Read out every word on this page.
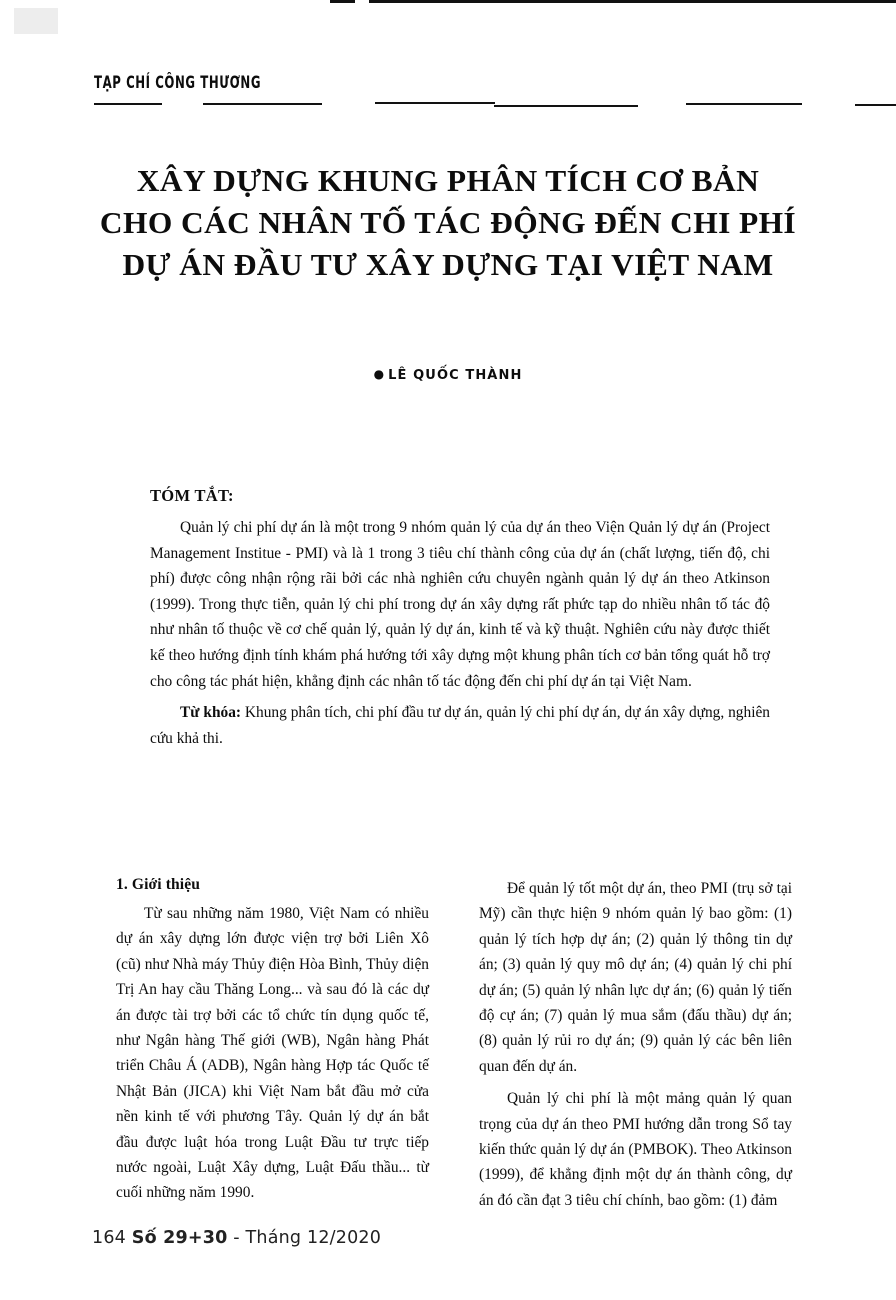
TẠP CHÍ CÔNG THƯƠNG
XÂY DỰNG KHUNG PHÂN TÍCH CƠ BẢN
CHO CÁC NHÂN TỐ TÁC ĐỘNG ĐẾN CHI PHÍ
DỰ ÁN ĐẦU TƯ XÂY DỰNG TẠI VIỆT NAM
● LÊ QUỐC THÀNH
TÓM TẮT:

Quản lý chi phí dự án là một trong 9 nhóm quản lý của dự án theo Viện Quản lý dự án (Project Management Institue - PMI) và là 1 trong 3 tiêu chí thành công của dự án (chất lượng, tiến độ, chi phí) được công nhận rộng rãi bởi các nhà nghiên cứu chuyên ngành quản lý dự án theo Atkinson (1999). Trong thực tiễn, quản lý chi phí trong dự án xây dựng rất phức tạp do nhiều nhân tố tác độ như nhân tố thuộc về cơ chế quản lý, quản lý dự án, kinh tế và kỹ thuật. Nghiên cứu này được thiết kế theo hướng định tính khám phá hướng tới xây dựng một khung phân tích cơ bản tổng quát hỗ trợ cho công tác phát hiện, khẳng định các nhân tố tác động đến chi phí dự án tại Việt Nam.

Từ khóa: Khung phân tích, chi phí đầu tư dự án, quản lý chi phí dự án, dự án xây dựng, nghiên cứu khả thi.

1. Giới thiệu

Từ sau những năm 1980, Việt Nam có nhiều dự án xây dựng lớn được viện trợ bởi Liên Xô (cũ) như Nhà máy Thủy điện Hòa Bình, Thủy diện Trị An hay cầu Thăng Long... và sau đó là các dự án được tài trợ bởi các tổ chức tín dụng quốc tế, như Ngân hàng Thế giới (WB), Ngân hàng Phát triển Châu Á (ADB), Ngân hàng Hợp tác Quốc tế Nhật Bản (JICA) khi Việt Nam bắt đầu mở cửa nền kinh tế với phương Tây. Quản lý dự án bắt đầu được luật hóa trong Luật Đầu tư trực tiếp nước ngoài, Luật Xây dựng, Luật Đấu thầu... từ cuối những năm 1990.

Để quản lý tốt một dự án, theo PMI (trụ sở tại Mỹ) cần thực hiện 9 nhóm quản lý bao gồm: (1) quản lý tích hợp dự án; (2) quản lý thông tin dự án; (3) quản lý quy mô dự án; (4) quản lý chi phí dự án; (5) quản lý nhân lực dự án; (6) quản lý tiến độ cự án; (7) quản lý mua sắm (đấu thầu) dự án; (8) quản lý rủi ro dự án; (9) quản lý các bên liên quan đến dự án.

Quản lý chi phí là một mảng quản lý quan trọng của dự án theo PMI hướng dẫn trong Sổ tay kiến thức quản lý dự án (PMBOK). Theo Atkinson (1999), để khẳng định một dự án thành công, dự án đó cần đạt 3 tiêu chí chính, bao gồm: (1) đảm

164 Số 29+30 - Tháng 12/2020
